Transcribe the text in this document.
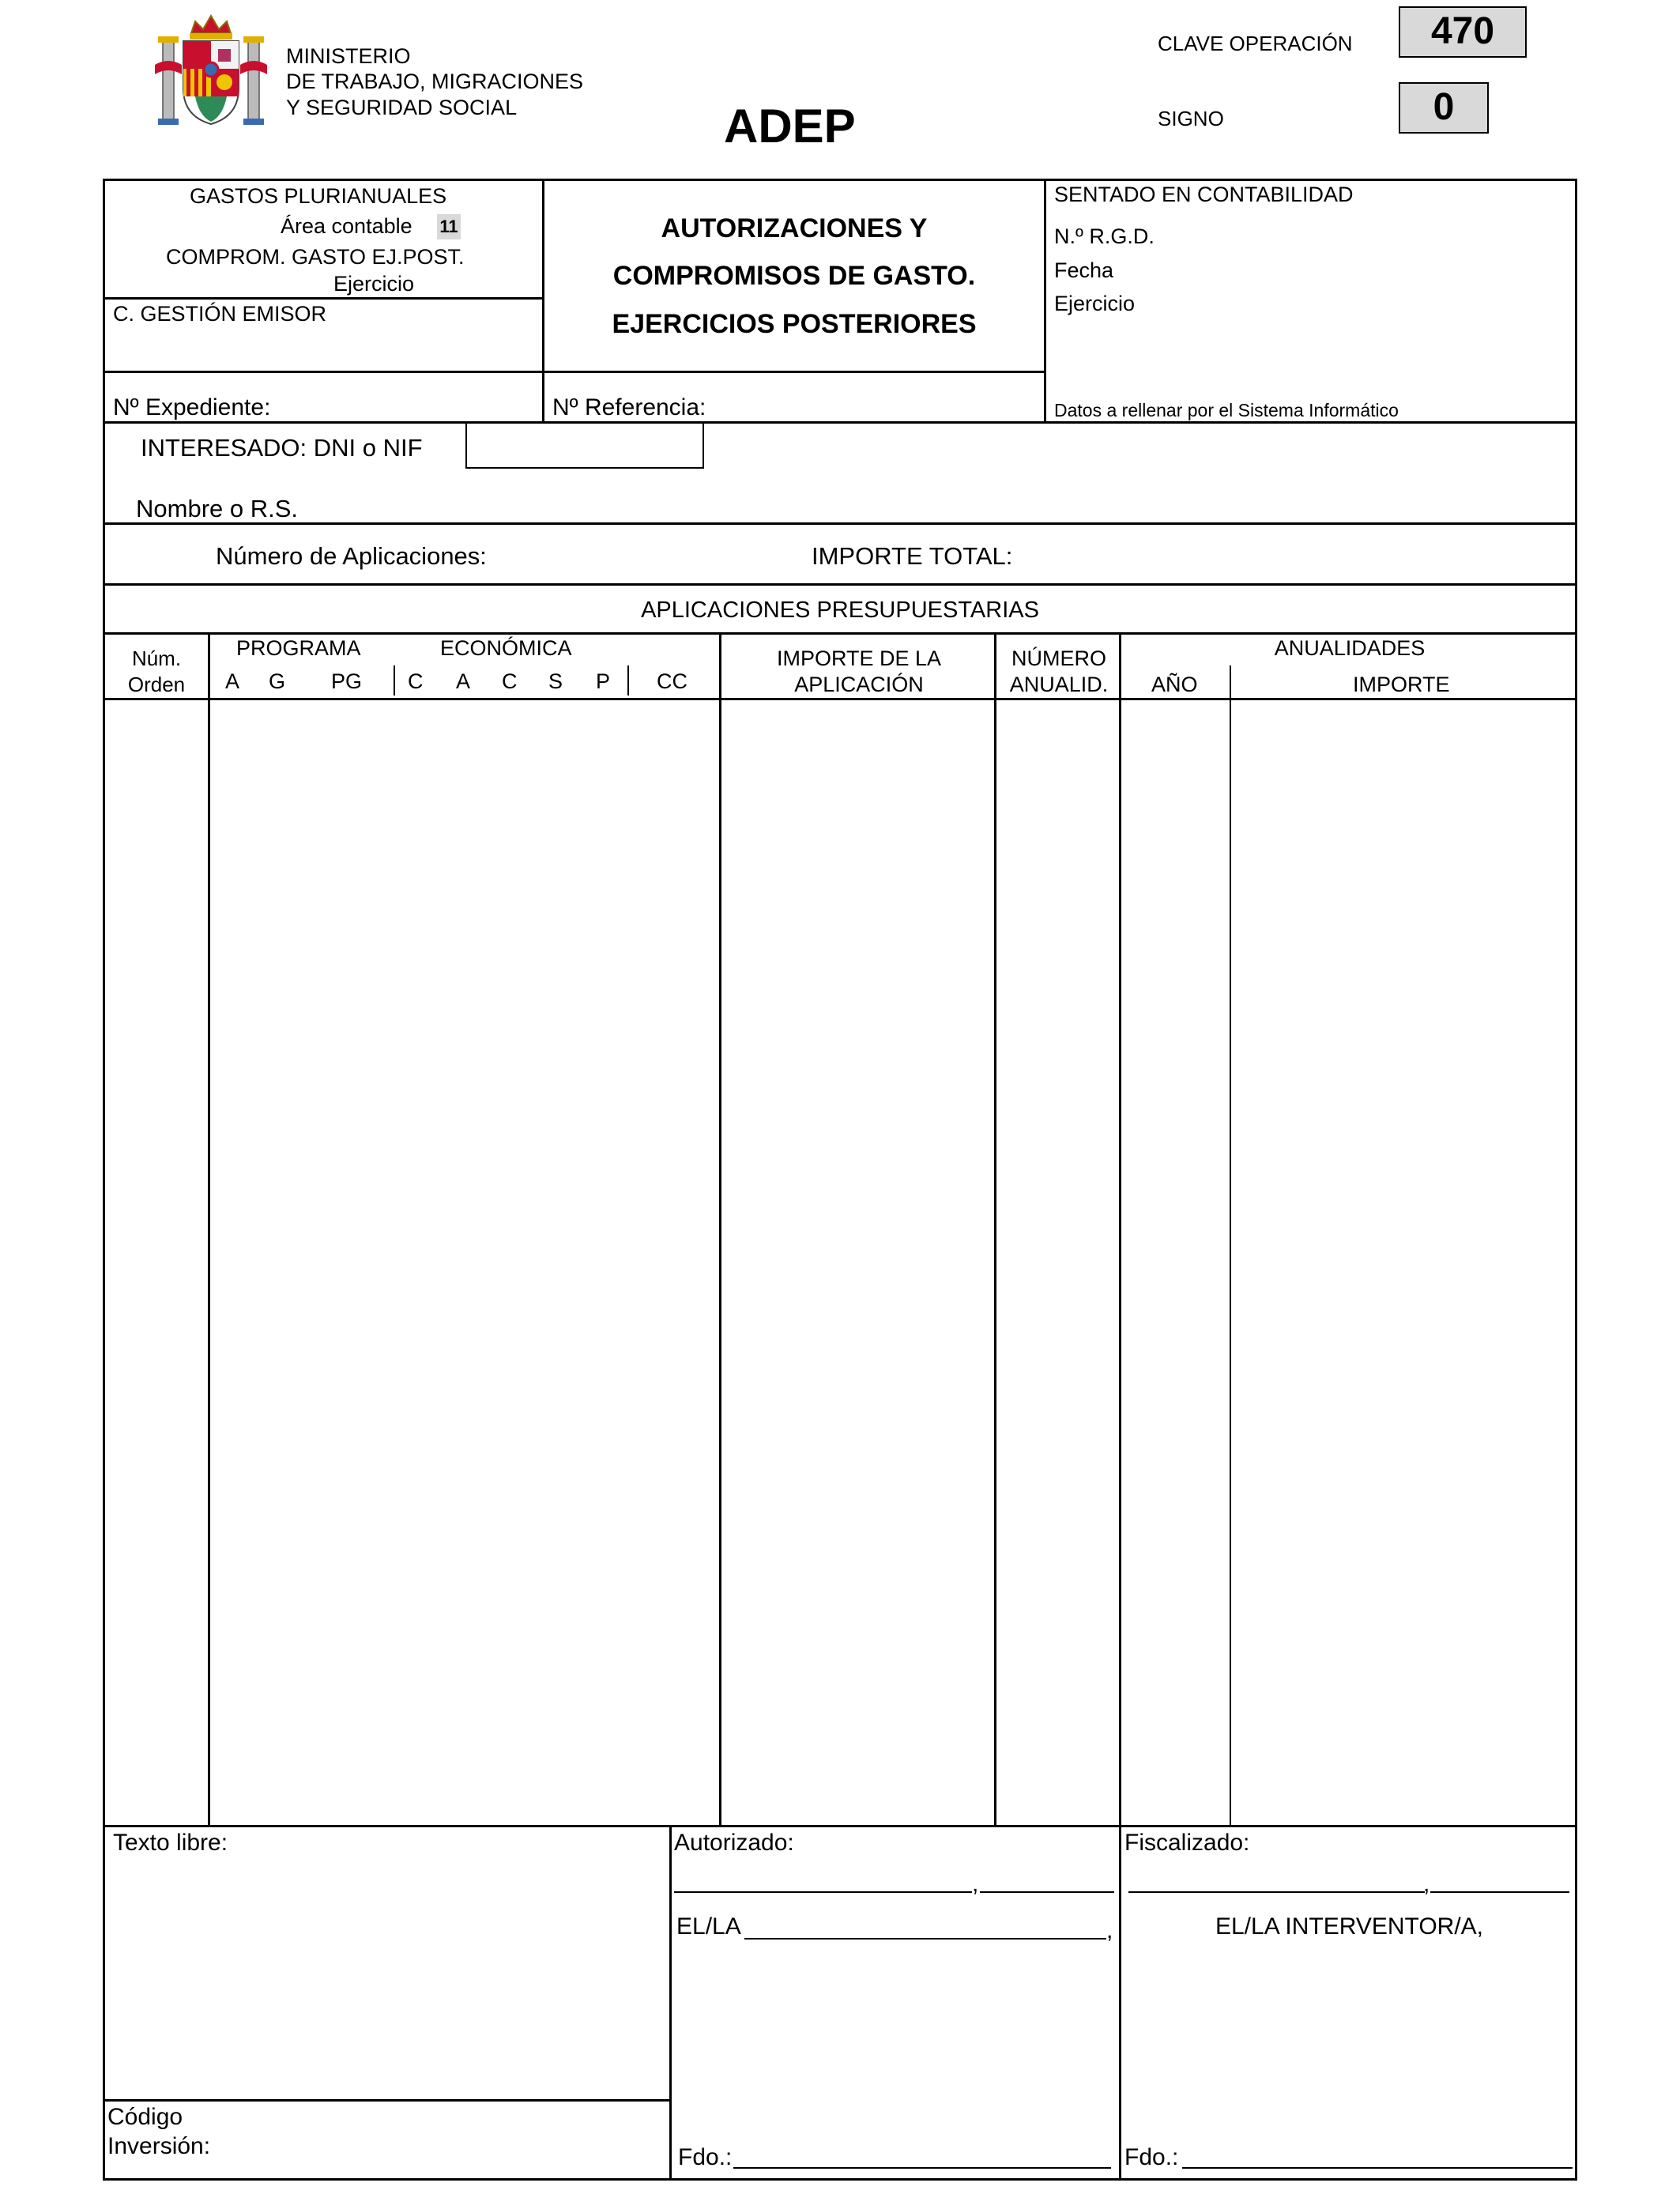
MINISTERIO
DE TRABAJO, MIGRACIONES
Y SEGURIDAD SOCIAL	ADEP
CLAVE OPERACIÓN	470
SIGNO	0
GASTOS PLURIANUALES
Área contable 11
COMPROM. GASTO EJ.POST.
Ejercicio
C. GESTIÓN EMISOR
AUTORIZACIONES Y
COMPROMISOS DE GASTO.
EJERCICIOS POSTERIORES
SENTADO EN CONTABILIDAD
N.º R.G.D.
Fecha
Ejercicio
Datos a rellenar por el Sistema Informático
Nº Expediente:	Nº Referencia:
INTERESADO: DNI o NIF
Nombre o R.S.
Número de Aplicaciones:	IMPORTE TOTAL:
APLICACIONES PRESUPUESTARIAS
Núm.
Orden
PROGRAMA	ECONÓMICA
A G PG C A C S P CC
IMPORTE DE LA
APLICACIÓN
NÚMERO
ANUALID.
ANUALIDADES
AÑO	IMPORTE
Texto libre:
Código
Inversión:
Autorizado:
,
EL/LA	,
Fdo.:
Fiscalizado:
,
EL/LA INTERVENTOR/A,
Fdo.:
